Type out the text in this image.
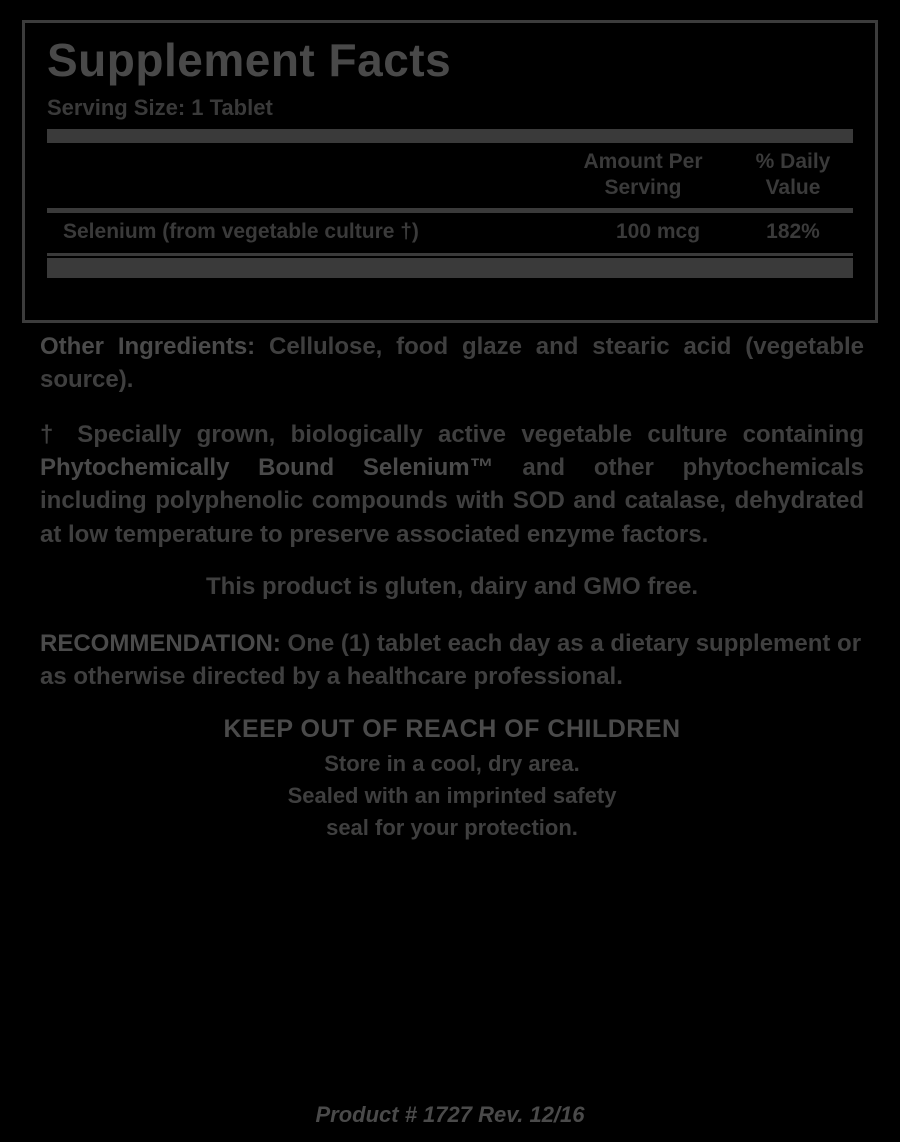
Supplement Facts
Serving Size: 1 Tablet
Amount Per
Serving
% Daily
Value
Selenium (from vegetable culture †)	100 mcg	182%

Other Ingredients: Cellulose, food glaze and stearic acid (vegetable source).

† Specially grown, biologically active vegetable culture containing Phytochemically Bound Selenium™ and other phytochemicals including polyphenolic compounds with SOD and catalase, dehydrated at low temperature to preserve associated enzyme factors.

This product is gluten, dairy and GMO free.

RECOMMENDATION: One (1) tablet each day as a dietary supplement or as otherwise directed by a healthcare professional.

KEEP OUT OF REACH OF CHILDREN
Store in a cool, dry area.
Sealed with an imprinted safety
seal for your protection.
Product # 1727 Rev. 12/16
